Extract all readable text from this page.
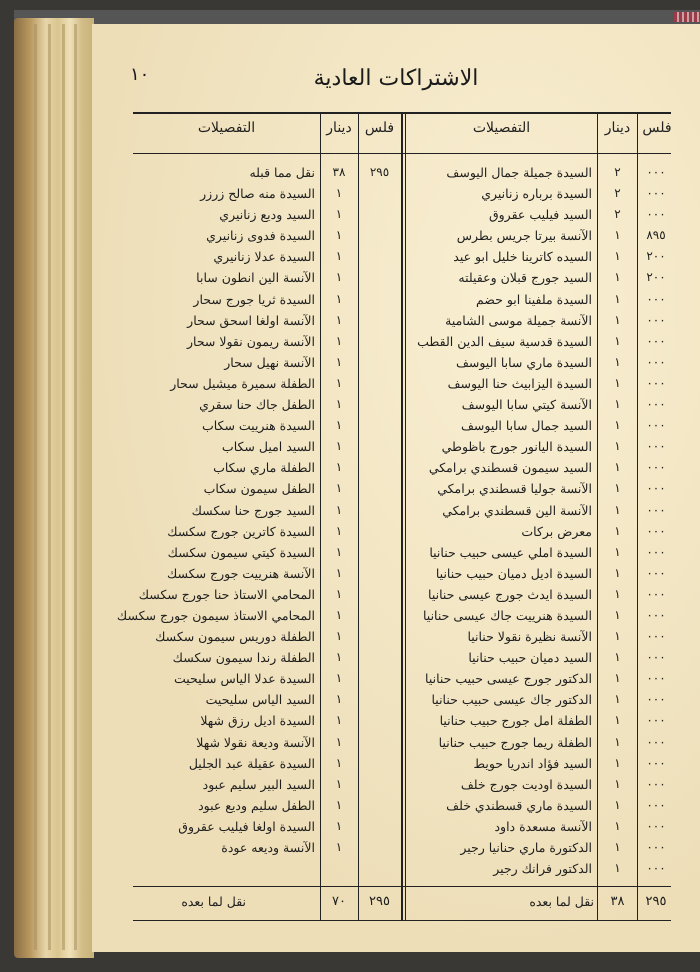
١٠	الاشتراكات العادية
فلس
دينار
التفصيلات
فلس
دينار
التفصيلات
السيدة جميلة جمال اليوسف	٢	٠٠٠
السيدة برباره زنانيري	٢	٠٠٠
السيد فيليب عقروق	٢	٠٠٠
الآنسة بيرتا جريس بطرس	١	٨٩٥
السيده كاترينا خليل ابو عيد	١	٢٠٠
السيد جورج قبلان وعقيلته	١	٢٠٠
السيدة ملفينا ابو حضم	١	٠٠٠
الآنسة جميلة موسى الشامية	١	٠٠٠
السيدة قدسية سيف الدين القطب	١	٠٠٠
السيدة ماري سابا اليوسف	١	٠٠٠
السيدة اليزابيث حنا اليوسف	١	٠٠٠
الآنسة كيتي سابا اليوسف	١	٠٠٠
السيد جمال سابا اليوسف	١	٠٠٠
السيدة اليانور جورج باظوطي	١	٠٠٠
السيد سيمون قسطندي برامكي	١	٠٠٠
الآنسة جوليا قسطندي برامكي	١	٠٠٠
الآنسة الين قسطندي برامكي	١	٠٠٠
معرض بركات	١	٠٠٠
السيدة املي عيسى حبيب حنانيا	١	٠٠٠
السيدة اديل دميان حبيب حنانيا	١	٠٠٠
السيدة ايدث جورج عيسى حنانيا	١	٠٠٠
السيدة هنرييت جاك عيسى حنانيا	١	٠٠٠
الآنسة نظيرة نقولا حنانيا	١	٠٠٠
السيد دميان حبيب حنانيا	١	٠٠٠
الدكتور جورج عيسى حبيب حنانيا	١	٠٠٠
الدكتور جاك عيسى حبيب حنانيا	١	٠٠٠
الطفلة امل جورج حبيب حنانيا	١	٠٠٠
الطفلة ريما جورج حبيب حنانيا	١	٠٠٠
السيد فؤاد اندريا حويط	١	٠٠٠
السيدة اوديت جورج خلف	١	٠٠٠
السيدة ماري قسطندي خلف	١	٠٠٠
الآنسة مسعدة داود	١	٠٠٠
الدكتورة ماري حنانيا رجير	١	٠٠٠
الدكتور فرانك رجير	١	٠٠٠
نقل مما قبله	٣٨	٢٩٥
السيدة منه صالح زرزر	١
السيد وديع زنانيري	١
السيدة فدوى زنانيري	١
السيدة عدلا زنانيري	١
الآنسة الين انطون سابا	١
السيدة ثريا جورج سحار	١
الآنسة اولغا اسحق سحار	١
الآنسة ريمون نقولا سحار	١
الآنسة نهيل سحار	١
الطفلة سميرة ميشيل سحار	١
الطفل جاك حنا سقري	١
السيدة هنرييت سكاب	١
السيد اميل سكاب	١
الطفلة ماري سكاب	١
الطفل سيمون سكاب	١
السيد جورج حنا سكسك	١
السيدة كاترين جورج سكسك	١
السيدة كيتي سيمون سكسك	١
الآنسة هنرييت جورج سكسك	١
المحامي الاستاذ حنا جورج سكسك	١
المحامي الاستاذ سيمون جورج سكسك	١
الطفلة دوريس سيمون سكسك	١
الطفلة رندا سيمون سكسك	١
السيدة عدلا الياس سليحيت	١
السيد الياس سليحيت	١
السيدة اديل رزق شهلا	١
الآنسة وديعة نقولا شهلا	١
السيدة عقيلة عبد الجليل	١
السيد البير سليم عبود	١
الطفل سليم وديع عبود	١
السيدة اولغا فيليب عقروق	١
الآنسة وديعه عودة	١
نقل لما بعده	٣٨	٢٩٥
نقل لما بعده	٧٠	٢٩٥
